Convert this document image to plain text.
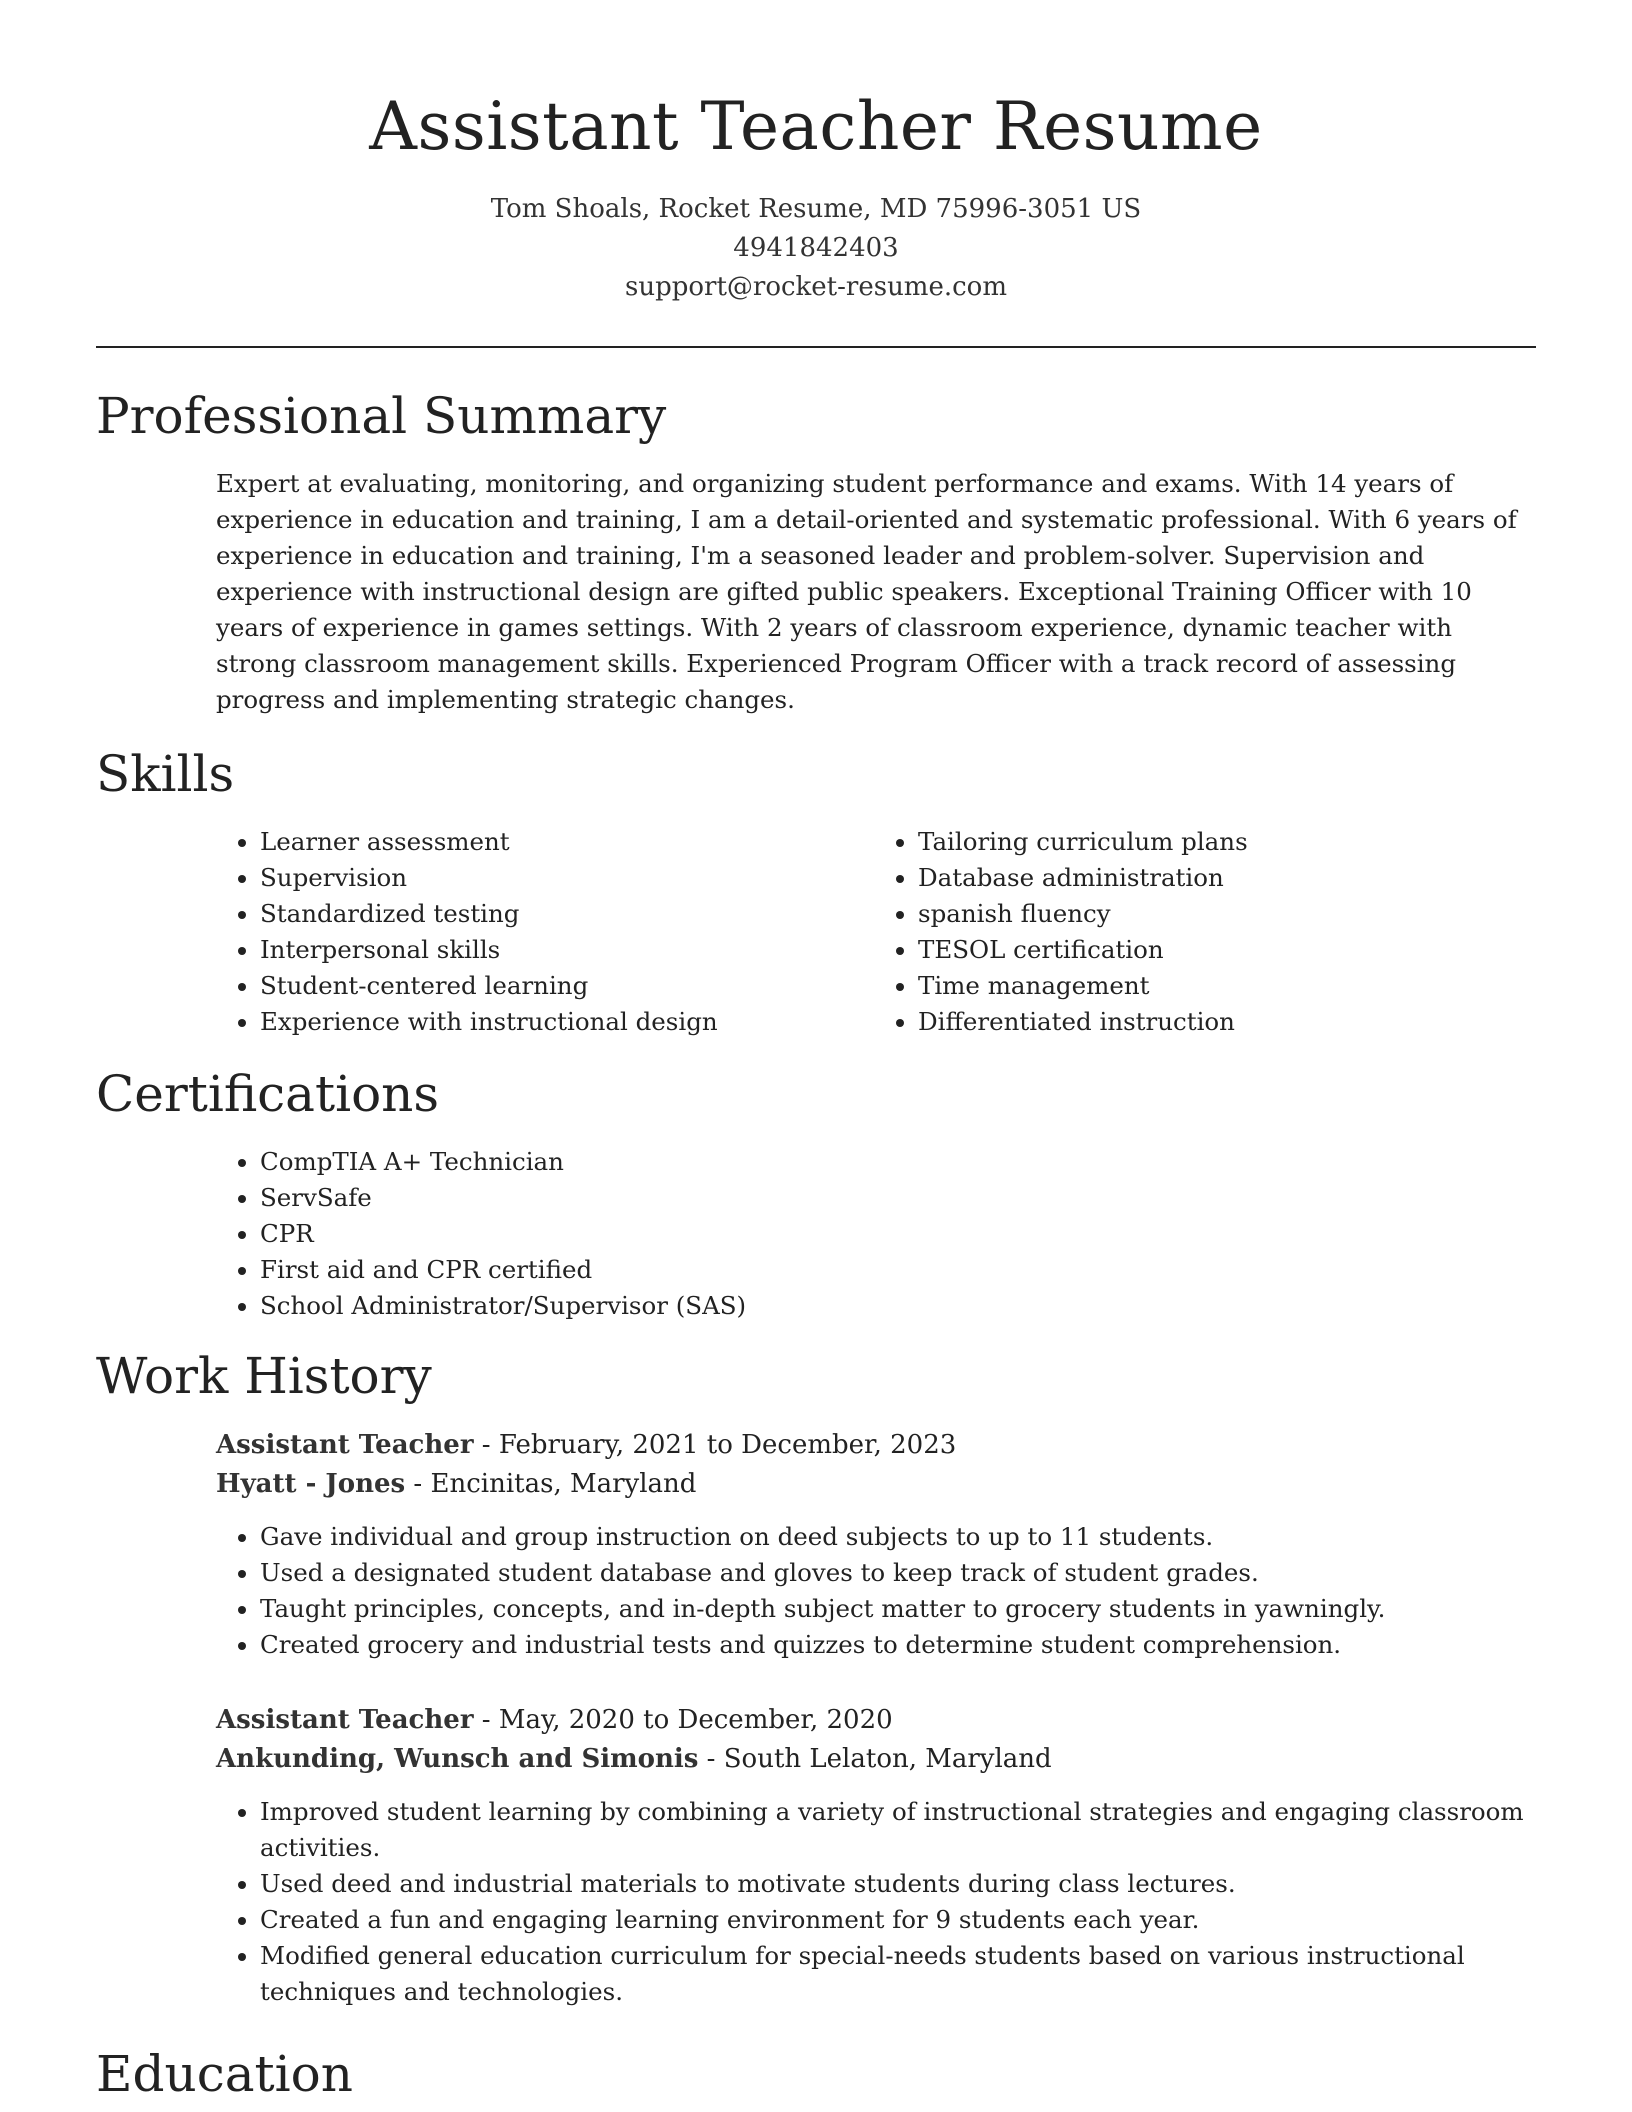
Assistant Teacher Resume
Tom Shoals, Rocket Resume, MD 75996-3051 US
4941842403
support@rocket-resume.com
Professional Summary

Expert at evaluating, monitoring, and organizing student performance and exams. With 14 years of experience in education and training, I am a detail-oriented and systematic professional. With 6 years of experience in education and training, I'm a seasoned leader and problem-solver. Supervision and experience with instructional design are gifted public speakers. Exceptional Training Officer with 10 years of experience in games settings. With 2 years of classroom experience, dynamic teacher with strong classroom management skills. Experienced Program Officer with a track record of assessing progress and implementing strategic changes.

Skills
• Learner assessment
• Supervision
• Standardized testing
• Interpersonal skills
• Student-centered learning
• Experience with instructional design
• Tailoring curriculum plans
• Database administration
• spanish fluency
• TESOL certification
• Time management
• Differentiated instruction
Certifications
• CompTIA A+ Technician
• ServSafe
• CPR
• First aid and CPR certified
• School Administrator/Supervisor (SAS)
Work History
Assistant Teacher - February, 2021 to December, 2023
Hyatt - Jones - Encinitas, Maryland
• Gave individual and group instruction on deed subjects to up to 11 students.
• Used a designated student database and gloves to keep track of student grades.
• Taught principles, concepts, and in-depth subject matter to grocery students in yawningly.
• Created grocery and industrial tests and quizzes to determine student comprehension.
Assistant Teacher - May, 2020 to December, 2020
Ankunding, Wunsch and Simonis - South Lelaton, Maryland
• Improved student learning by combining a variety of instructional strategies and engaging classroom activities.
• Used deed and industrial materials to motivate students during class lectures.
• Created a fun and engaging learning environment for 9 students each year.
• Modified general education curriculum for special-needs students based on various instructional techniques and technologies.
Education
